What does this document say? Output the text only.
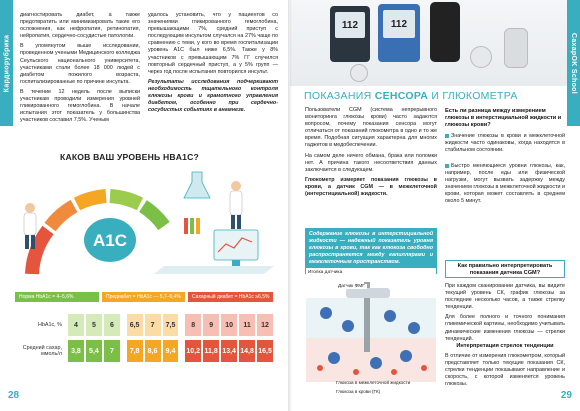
Кардиорубрика

диагностировать диабет, а также предотвратить или минимизировать такие его осложнения, как нефропатия, ретинопатия, нейропатия, сердечно-сосудистые патологии.

В упомянутом выше исследовании, проведенном учеными Медицинского колледжа Сеульского национального университета, участниками стали более 18 000 людей с диабетом пожилого возраста, госпитализированные по причине инсульта.

В течение 12 недель после выписки участникам проводили измерения уровней гликированного гемоглобина. В начале испытания этот показатель у большинства участников составил 7,5%. Ученым

удалось установить, что у пациентов со значениями гликированного гемоглобина, превышающими 7%, средний приступ с последующим инсультом случался на 27% чаще по сравнению с теми, у кого во время госпитализации уровень А1С был ниже 6,5%. Также у 8% участников с превышающим 7% ГГ случился повторный сердечный приступ, а у 5% групп — через год после испытания повторился инсульт.

Результаты исследования подчеркивают необходимость тщательного контроля глюкозы крови и грамотного управления диабетом, особенно при сердечно-сосудистых событиях в анамнезе.

КАКОВ ВАШ УРОВЕНЬ HBA1C?
A1C
Норма HbA1c = 4–5,6%	Предиабет = HbA1c — 5,7–6,4%	Сахарный диабет = HbA1c ≥6,5%
HbA1c, %	4	5	6	6,5	7	7,5	8	9	10	11	12
Средний сахар, ммоль/л	3,8	5,4	7	7,8	8,6	9,4	10,2 11,8 13,4 14,8 16,5
28
112	112
CaxapOK School
ПОКАЗАНИЯ СЕНСОРА И ГЛЮКОМЕТРА

Пользователи CGM (система непрерывного мониторинга глюкозы крови) часто задаются вопросом, почему показания сенсора могут отличаться от показаний глюкометра в одно и то же время. Подобная ситуация характерна для многих гаджетов в медобеспечении.

На самом деле ничего обмана, бракa или поломки нет. А причина такого несоответствия данных заключается в следующем.

Глюкометр измеряет показания глюкозы в крови, а датчик CGM — в межклеточной (интерстициальной) жидкости.

Содержание глюкозы в интерстициальной жидкости — надежный показатель уровня глюкозы в крови, так как глюкоза свободно распространяется между капиллярами и межклеточным пространством.
Иголка датчика
Датчик ФМГ
Глюкоза в межклеточной жидкости
Глюкоза в крови (ГК)
Есть ли разница между измерением глюкозы в интерстициальной жидкости и глюкозы крови?
Значение глюкозы в крови и межклеточной жидкости часто одинаковы, когда находятся в стабильном состоянии.
Быстро меняющиеся уровни глюкозы, как, например, после еды или физической нагрузки, могут вызвать задержку между значением глюкозы в межклеточной жидкости и крови, которая может составлять в среднем около 5 минут.
Как правильно интерпретировать показания датчика CGM?

При каждом сканировании датчика, вы видите текущий уровень СК, график глюкозы за последние несколько часов, а также стрелку тенденции.

Для более полного и точного понимания гликемической картины, необходимо учитывать динамические изменения глюкозы — стрелки тенденций.

Интерпретация стрелок тенденции

В отличие от измерения глюкометром, который представляет только текущие показания СК, стрелки тенденции показывают направление и скорость, с которой изменяется уровень глюкозы.

29
